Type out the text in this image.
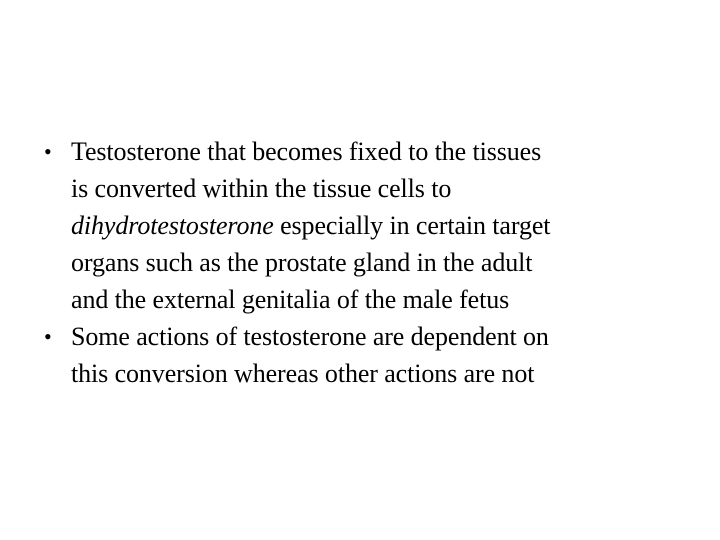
• Testosterone that becomes fixed to the tissues
is converted within the tissue cells to
dihydrotestosterone especially in certain target
organs such as the prostate gland in the adult
and the external genitalia of the male fetus
• Some actions of testosterone are dependent on
this conversion whereas other actions are not
